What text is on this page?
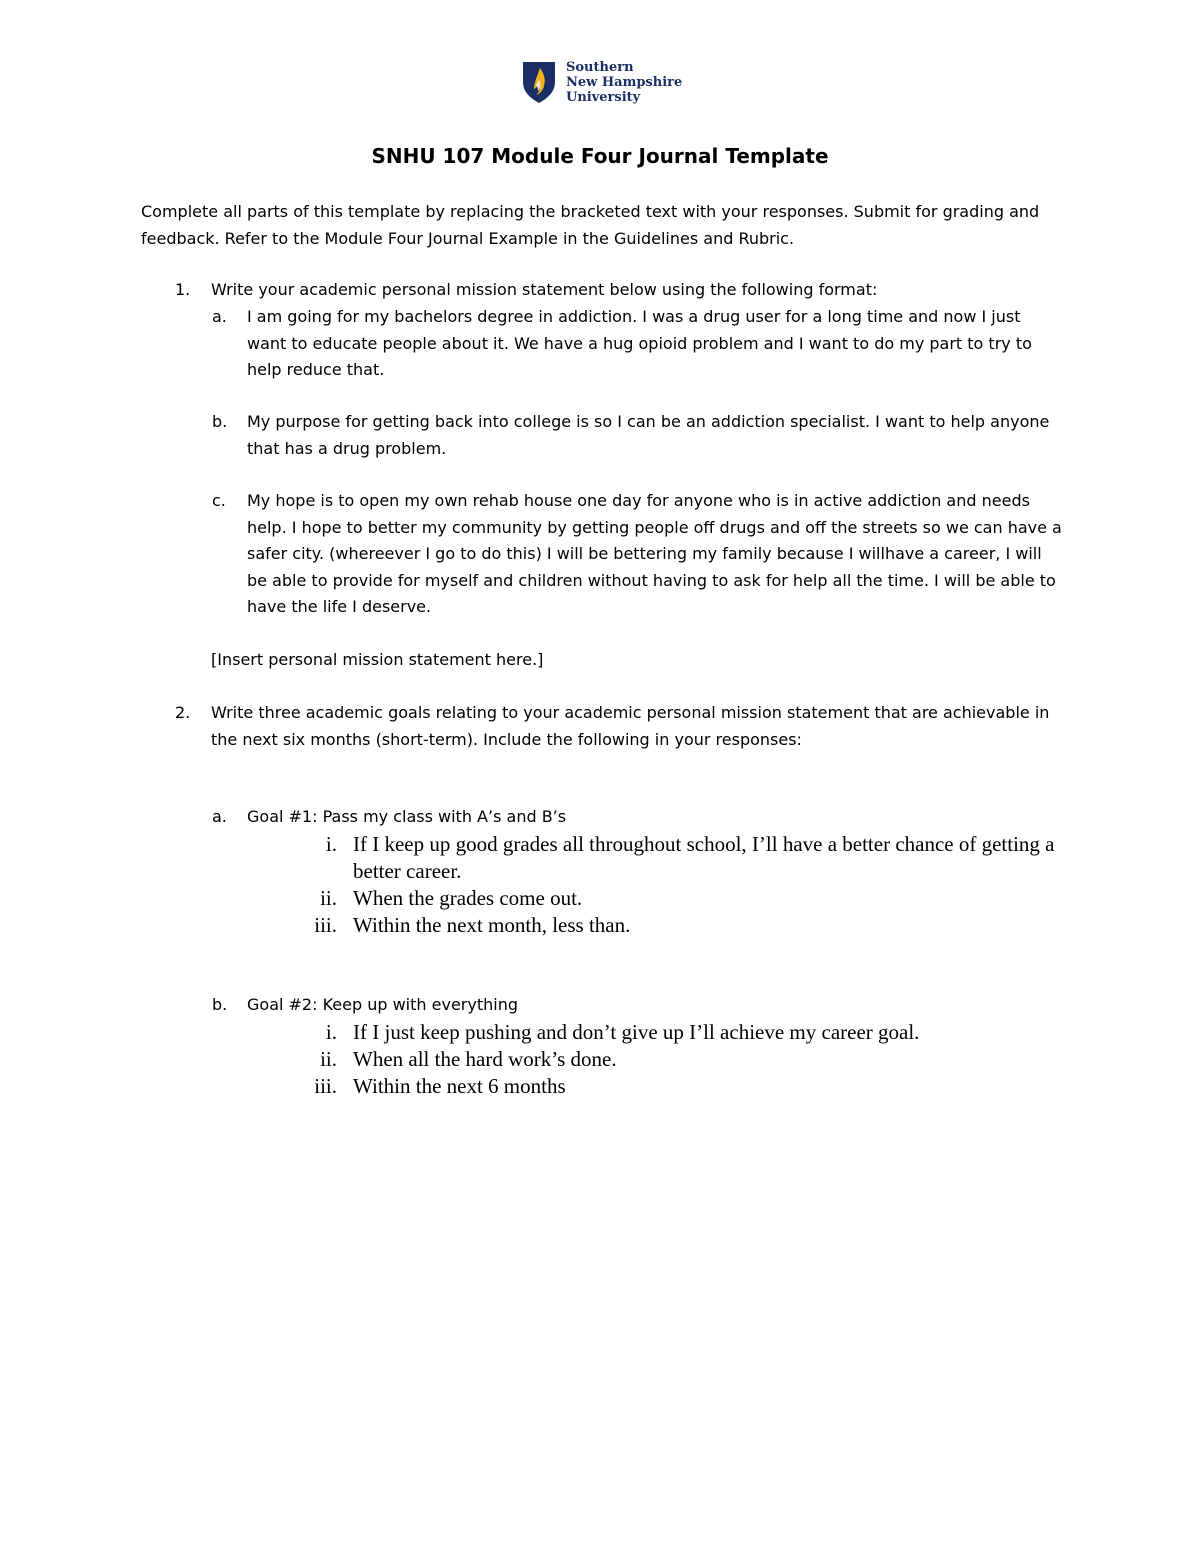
Southern
New Hampshire
University
SNHU 107 Module Four Journal Template
Complete all parts of this template by replacing the bracketed text with your responses. Submit for grading and feedback. Refer to the Module Four Journal Example in the Guidelines and Rubric.
1. Write your academic personal mission statement below using the following format:
a. I am going for my bachelors degree in addiction. I was a drug user for a long time and now I just want to educate people about it. We have a hug opioid problem and I want to do my part to try to help reduce that.
b. My purpose for getting back into college is so I can be an addiction specialist. I want to help anyone that has a drug problem.
c. My hope is to open my own rehab house one day for anyone who is in active addiction and needs help. I hope to better my community by getting people off drugs and off the streets so we can have a safer city. (whereever I go to do this) I will be bettering my family because I willhave a career, I will be able to provide for myself and children without having to ask for help all the time. I will be able to have the life I deserve.
[Insert personal mission statement here.]
2. Write three academic goals relating to your academic personal mission statement that are achievable in the next six months (short-term). Include the following in your responses:
a. Goal #1: Pass my class with A’s and B’s
i. If I keep up good grades all throughout school, I’ll have a better chance of getting a better career.
ii. When the grades come out.
iii. Within the next month, less than.
b. Goal #2: Keep up with everything
i. If I just keep pushing and don’t give up I’ll achieve my career goal.
ii. When all the hard work’s done.
iii. Within the next 6 months
